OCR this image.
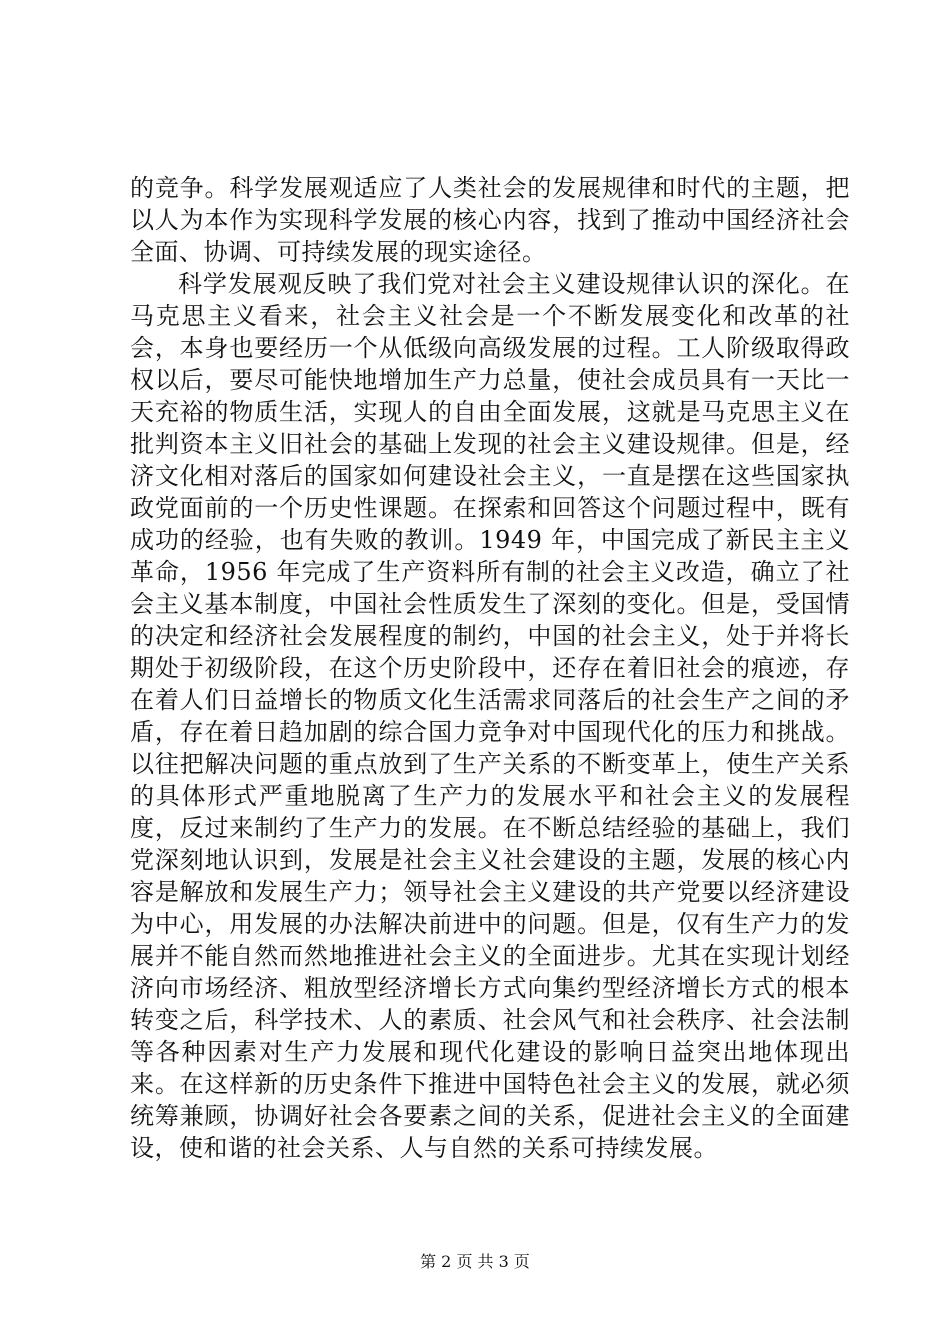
的竞争。科学发展观适应了人类社会的发展规律和时代的主题，把以人为本作为实现科学发展的核心内容，找到了推动中国经济社会全面、协调、可持续发展的现实途径。

科学发展观反映了我们党对社会主义建设规律认识的深化。在马克思主义看来，社会主义社会是一个不断发展变化和改革的社会，本身也要经历一个从低级向高级发展的过程。工人阶级取得政权以后，要尽可能快地增加生产力总量，使社会成员具有一天比一天充裕的物质生活，实现人的自由全面发展，这就是马克思主义在批判资本主义旧社会的基础上发现的社会主义建设规律。但是，经济文化相对落后的国家如何建设社会主义，一直是摆在这些国家执政党面前的一个历史性课题。在探索和回答这个问题过程中，既有成功的经验，也有失败的教训。1949 年，中国完成了新民主主义革命，1956 年完成了生产资料所有制的社会主义改造，确立了社会主义基本制度，中国社会性质发生了深刻的变化。但是，受国情的决定和经济社会发展程度的制约，中国的社会主义，处于并将长期处于初级阶段，在这个历史阶段中，还存在着旧社会的痕迹，存在着人们日益增长的物质文化生活需求同落后的社会生产之间的矛盾，存在着日趋加剧的综合国力竞争对中国现代化的压力和挑战。以往把解决问题的重点放到了生产关系的不断变革上，使生产关系的具体形式严重地脱离了生产力的发展水平和社会主义的发展程度，反过来制约了生产力的发展。在不断总结经验的基础上，我们党深刻地认识到，发展是社会主义社会建设的主题，发展的核心内容是解放和发展生产力；领导社会主义建设的共产党要以经济建设为中心，用发展的办法解决前进中的问题。但是，仅有生产力的发展并不能自然而然地推进社会主义的全面进步。尤其在实现计划经济向市场经济、粗放型经济增长方式向集约型经济增长方式的根本转变之后，科学技术、人的素质、社会风气和社会秩序、社会法制等各种因素对生产力发展和现代化建设的影响日益突出地体现出来。在这样新的历史条件下推进中国特色社会主义的发展，就必须统筹兼顾，协调好社会各要素之间的关系，促进社会主义的全面建设，使和谐的社会关系、人与自然的关系可持续发展。

第 2 页 共 3 页
